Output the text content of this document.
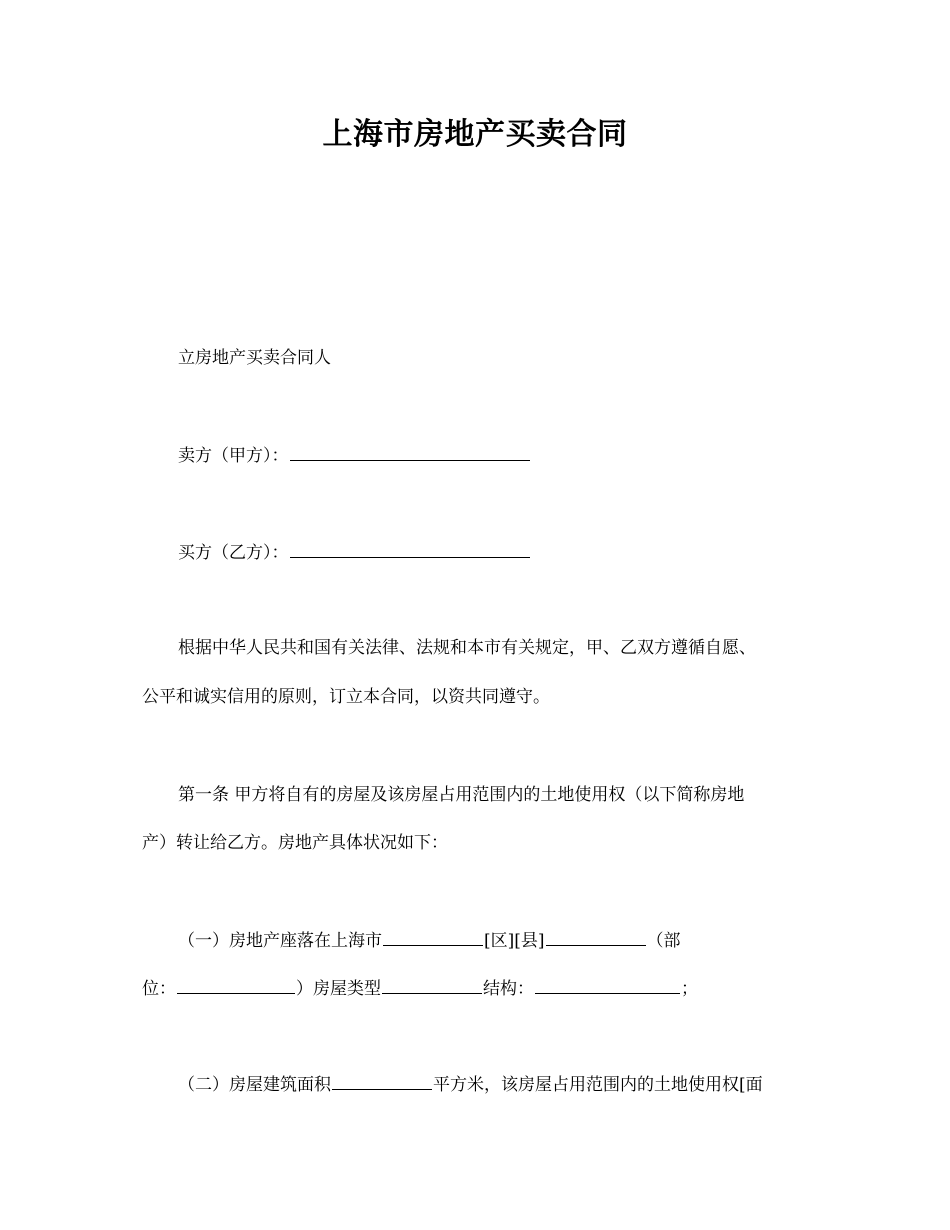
上海市房地产买卖合同
立房地产买卖合同人
卖方（甲方）：
买方（乙方）：
根据中华人民共和国有关法律、法规和本市有关规定，甲、乙双方遵循自愿、
公平和诚实信用的原则，订立本合同，以资共同遵守。
第一条 甲方将自有的房屋及该房屋占用范围内的土地使用权（以下简称房地
产）转让给乙方。房地产具体状况如下：
（一）房地产座落在上海市	[区][县]	（部
位：	）房屋类型	结构：	；
（二）房屋建筑面积	平方米，该房屋占用范围内的土地使用权[面
